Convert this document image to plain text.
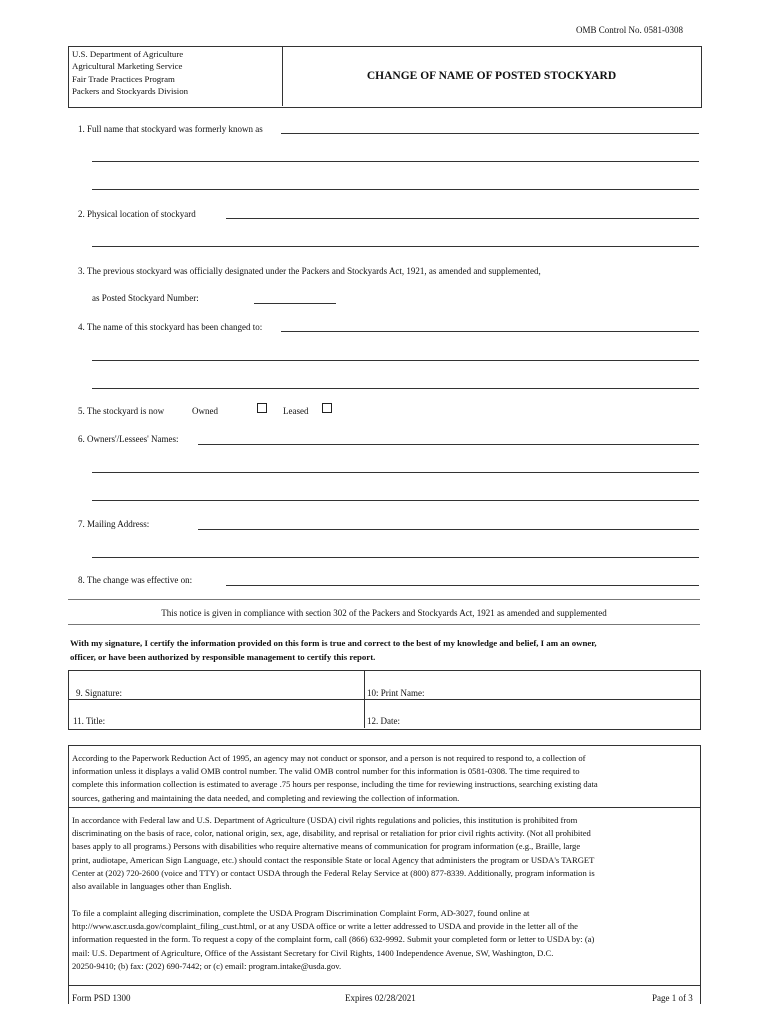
OMB Control No. 0581-0308
U.S. Department of Agriculture
Agricultural Marketing Service
Fair Trade Practices Program
Packers and Stockyards Division
CHANGE OF NAME OF POSTED STOCKYARD
1. Full name that stockyard was formerly known as
2. Physical location of stockyard
3. The previous stockyard was officially designated under the Packers and Stockyards Act, 1921, as amended and supplemented,
as Posted Stockyard Number:
4. The name of this stockyard has been changed to:
5. The stockyard is now	Owned	Leased
6. Owners'/Lessees' Names:
7. Mailing Address:
8. The change was effective on:
This notice is given in compliance with section 302 of the Packers and Stockyards Act, 1921 as amended and supplemented
With my signature, I certify the information provided on this form is true and correct to the best of my knowledge and belief, I am an owner,
officer, or have been authorized by responsible management to certify this report.
9. Signature:	10: Print Name:
11. Title:	12. Date:
According to the Paperwork Reduction Act of 1995, an agency may not conduct or sponsor, and a person is not required to respond to, a collection of
information unless it displays a valid OMB control number. The valid OMB control number for this information is 0581-0308. The time required to
complete this information collection is estimated to average .75 hours per response, including the time for reviewing instructions, searching existing data
sources, gathering and maintaining the data needed, and completing and reviewing the collection of information.
In accordance with Federal law and U.S. Department of Agriculture (USDA) civil rights regulations and policies, this institution is prohibited from
discriminating on the basis of race, color, national origin, sex, age, disability, and reprisal or retaliation for prior civil rights activity. (Not all prohibited
bases apply to all programs.) Persons with disabilities who require alternative means of communication for program information (e.g., Braille, large
print, audiotape, American Sign Language, etc.) should contact the responsible State or local Agency that administers the program or USDA's TARGET
Center at (202) 720-2600 (voice and TTY) or contact USDA through the Federal Relay Service at (800) 877-8339. Additionally, program information is
also available in languages other than English.
To file a complaint alleging discrimination, complete the USDA Program Discrimination Complaint Form, AD-3027, found online at
http://www.ascr.usda.gov/complaint_filing_cust.html, or at any USDA office or write a letter addressed to USDA and provide in the letter all of the
information requested in the form. To request a copy of the complaint form, call (866) 632-9992. Submit your completed form or letter to USDA by: (a)
mail: U.S. Department of Agriculture, Office of the Assistant Secretary for Civil Rights, 1400 Independence Avenue, SW, Washington, D.C.
20250-9410; (b) fax: (202) 690-7442; or (c) email: program.intake@usda.gov.
Form PSD 1300	Expires 02/28/2021	Page 1 of 3
